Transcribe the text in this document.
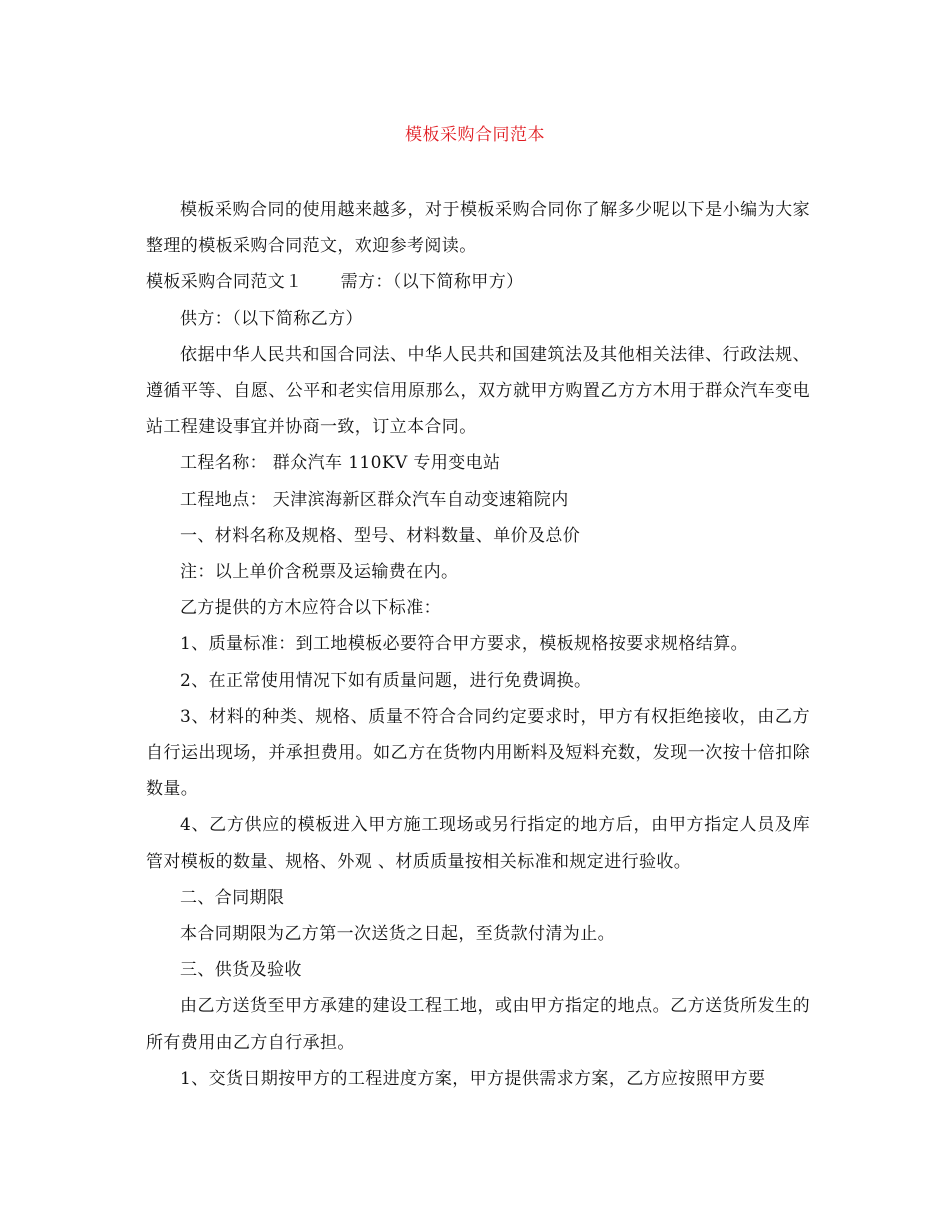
模板采购合同范本

模板采购合同的使用越来越多，对于模板采购合同你了解多少呢以下是小编为大家整理的模板采购合同范文，欢迎参考阅读。

模板采购合同范文１ 需方：（以下简称甲方）

供方：（以下简称乙方）

依据中华人民共和国合同法、中华人民共和国建筑法及其他相关法律、行政法规、遵循平等、自愿、公平和老实信用原那么，双方就甲方购置乙方方木用于群众汽车变电站工程建设事宜并协商一致，订立本合同。

工程名称： 群众汽车 110KV 专用变电站

工程地点： 天津滨海新区群众汽车自动变速箱院内

一、材料名称及规格、型号、材料数量、单价及总价

注：以上单价含税票及运输费在内。

乙方提供的方木应符合以下标准：

1、质量标准：到工地模板必要符合甲方要求，模板规格按要求规格结算。

2、在正常使用情况下如有质量问题，进行免费调换。

3、材料的种类、规格、质量不符合合同约定要求时，甲方有权拒绝接收，由乙方自行运出现场，并承担费用。如乙方在货物内用断料及短料充数，发现一次按十倍扣除数量。

4、乙方供应的模板进入甲方施工现场或另行指定的地方后，由甲方指定人员及库管对模板的数量、规格、外观 、材质质量按相关标准和规定进行验收。

二、合同期限

本合同期限为乙方第一次送货之日起，至货款付清为止。

三、供货及验收

由乙方送货至甲方承建的建设工程工地，或由甲方指定的地点。乙方送货所发生的所有费用由乙方自行承担。

1、交货日期按甲方的工程进度方案，甲方提供需求方案，乙方应按照甲方要
